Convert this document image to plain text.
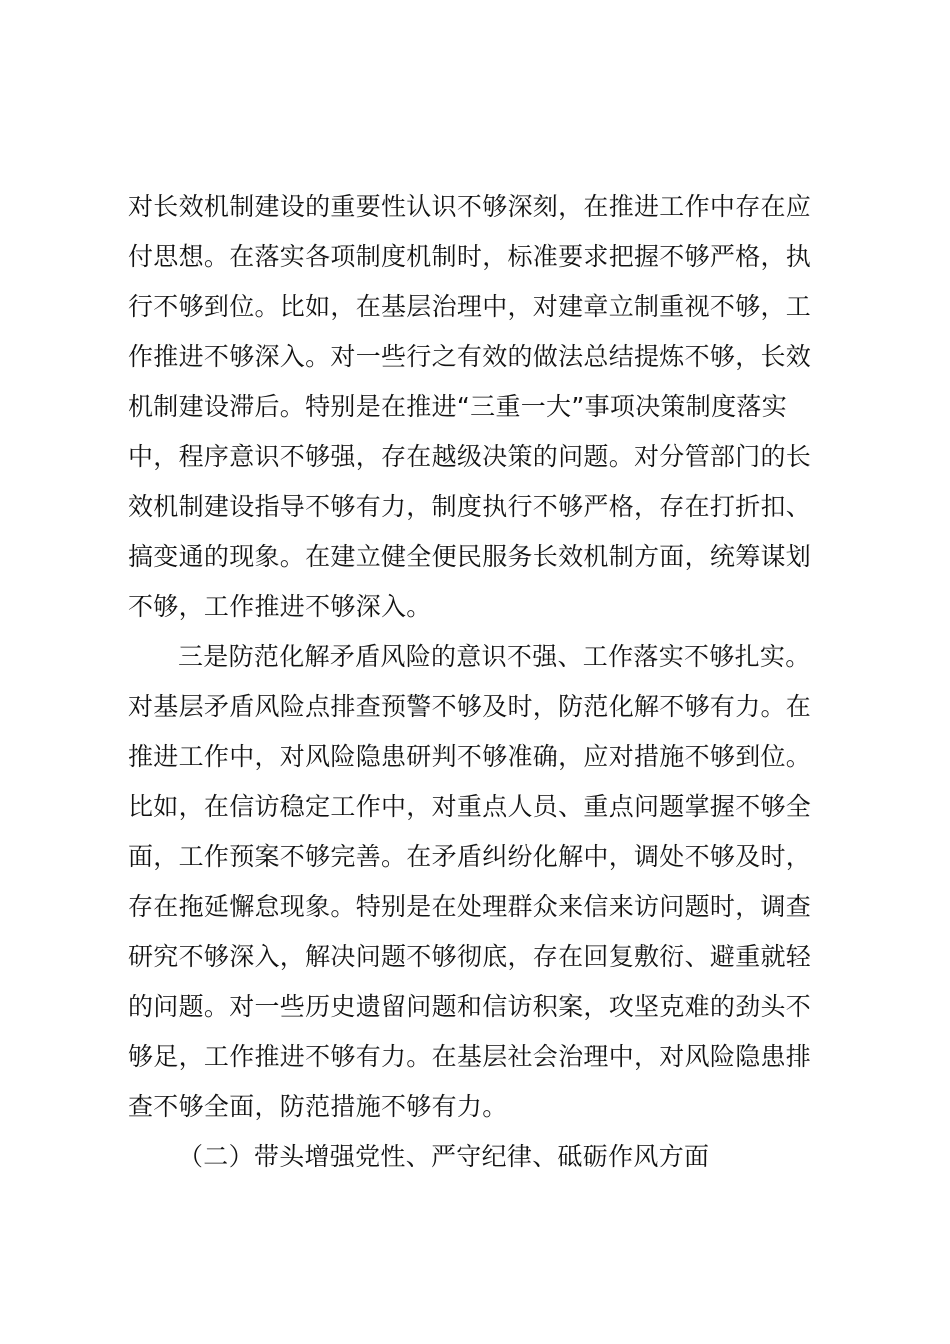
对长效机制建设的重要性认识不够深刻，在推进工作中存在应
付思想。在落实各项制度机制时，标准要求把握不够严格，执
行不够到位。比如，在基层治理中，对建章立制重视不够，工
作推进不够深入。对一些行之有效的做法总结提炼不够，长效
机制建设滞后。特别是在推进“三重一大”事项决策制度落实
中，程序意识不够强，存在越级决策的问题。对分管部门的长
效机制建设指导不够有力，制度执行不够严格，存在打折扣、
搞变通的现象。在建立健全便民服务长效机制方面，统筹谋划
不够，工作推进不够深入。
三是防范化解矛盾风险的意识不强、工作落实不够扎实。
对基层矛盾风险点排查预警不够及时，防范化解不够有力。在
推进工作中，对风险隐患研判不够准确，应对措施不够到位。
比如，在信访稳定工作中，对重点人员、重点问题掌握不够全
面，工作预案不够完善。在矛盾纠纷化解中，调处不够及时，
存在拖延懈怠现象。特别是在处理群众来信来访问题时，调查
研究不够深入，解决问题不够彻底，存在回复敷衍、避重就轻
的问题。对一些历史遗留问题和信访积案，攻坚克难的劲头不
够足，工作推进不够有力。在基层社会治理中，对风险隐患排
查不够全面，防范措施不够有力。
（二）带头增强党性、严守纪律、砥砺作风方面
